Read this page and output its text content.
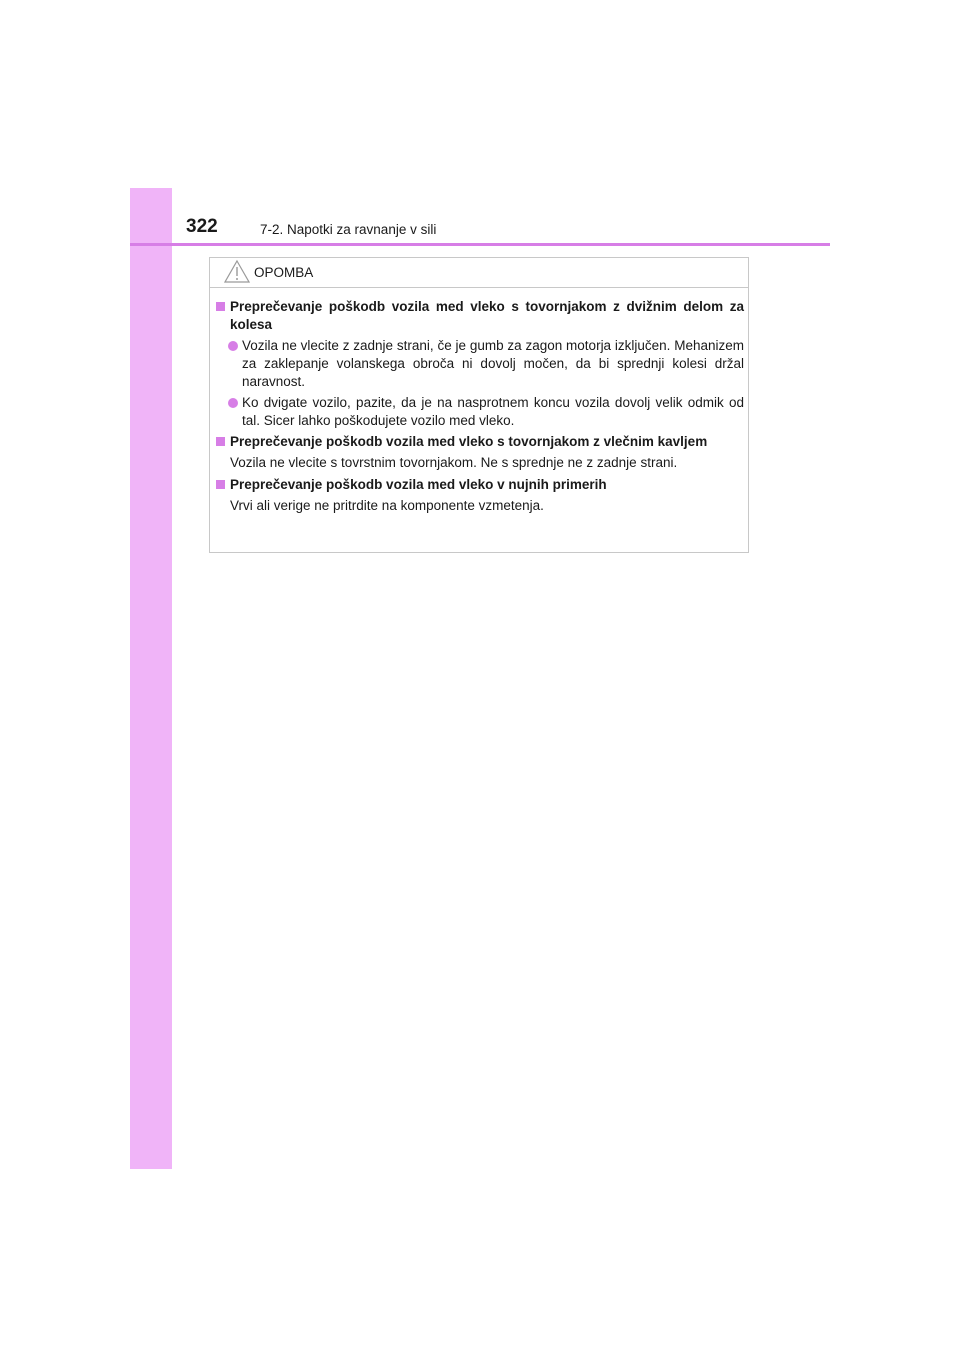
322	7-2. Napotki za ravnanje v sili
OPOMBA
Preprečevanje poškodb vozila med vleko s tovornjakom z dvižnim delom za kolesa
Vozila ne vlecite z zadnje strani, če je gumb za zagon motorja izključen. Mehanizem za zaklepanje volanskega obroča ni dovolj močen, da bi sprednji kolesi držal naravnost.
Ko dvigate vozilo, pazite, da je na nasprotnem koncu vozila dovolj velik odmik od tal. Sicer lahko poškodujete vozilo med vleko.
Preprečevanje poškodb vozila med vleko s tovornjakom z vlečnim kavljem
Vozila ne vlecite s tovrstnim tovornjakom. Ne s sprednje ne z zadnje strani.
Preprečevanje poškodb vozila med vleko v nujnih primerih
Vrvi ali verige ne pritrdite na komponente vzmetenja.
